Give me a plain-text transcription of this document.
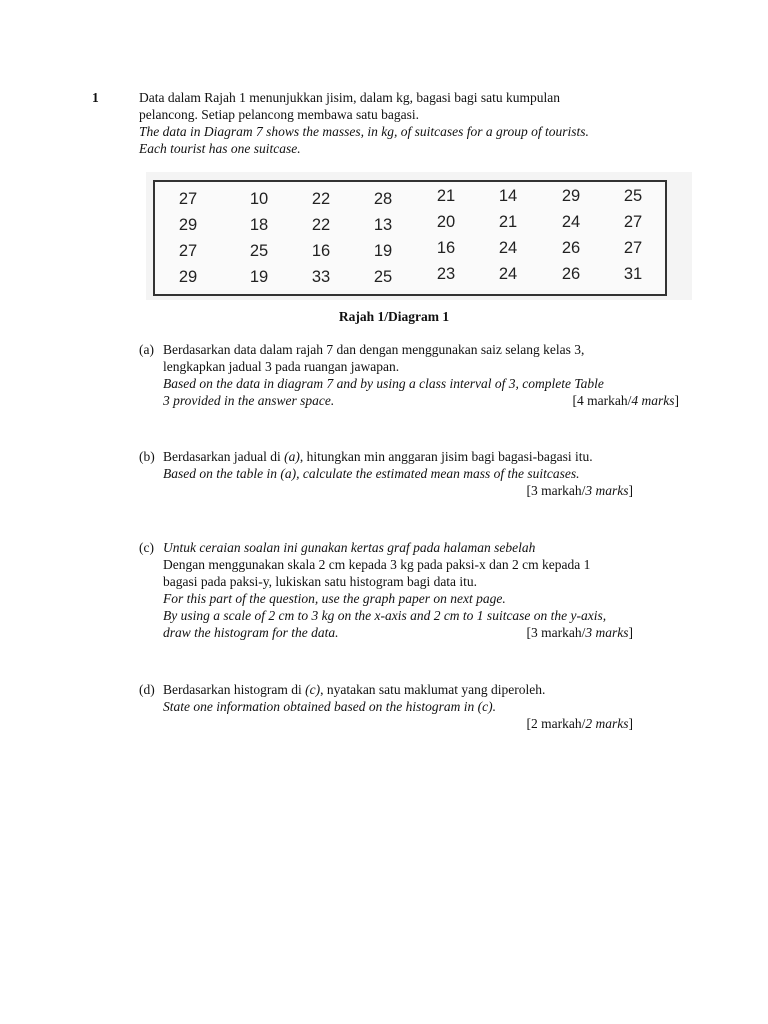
1	Data dalam Rajah 1 menunjukkan jisim, dalam kg, bagasi bagi satu kumpulan
pelancong. Setiap pelancong membawa satu bagasi.
The data in Diagram 7 shows the masses, in kg, of suitcases for a group of tourists.
Each tourist has one suitcase.
27	10	22	28	21	14	29	25
29	18	22	13	20	21	24	27
27	25	16	19	16	24	26	27
29	19	33	25	23	24	26	31
Rajah 1/Diagram 1
(a) Berdasarkan data dalam rajah 7 dan dengan menggunakan saiz selang kelas 3,
lengkapkan jadual 3 pada ruangan jawapan.
Based on the data in diagram 7 and by using a class interval of 3, complete Table
3 provided in the answer space.	[4 markah/4 marks]
(b) Berdasarkan jadual di (a), hitungkan min anggaran jisim bagi bagasi-bagasi itu.
Based on the table in (a), calculate the estimated mean mass of the suitcases.
[3 markah/3 marks]
(c) Untuk ceraian soalan ini gunakan kertas graf pada halaman sebelah
Dengan menggunakan skala 2 cm kepada 3 kg pada paksi-x dan 2 cm kepada 1
bagasi pada paksi-y, lukiskan satu histogram bagi data itu.
For this part of the question, use the graph paper on next page.
By using a scale of 2 cm to 3 kg on the x-axis and 2 cm to 1 suitcase on the y-axis,
draw the histogram for the data.	[3 markah/3 marks]
(d) Berdasarkan histogram di (c), nyatakan satu maklumat yang diperoleh.
State one information obtained based on the histogram in (c).
[2 markah/2 marks]
